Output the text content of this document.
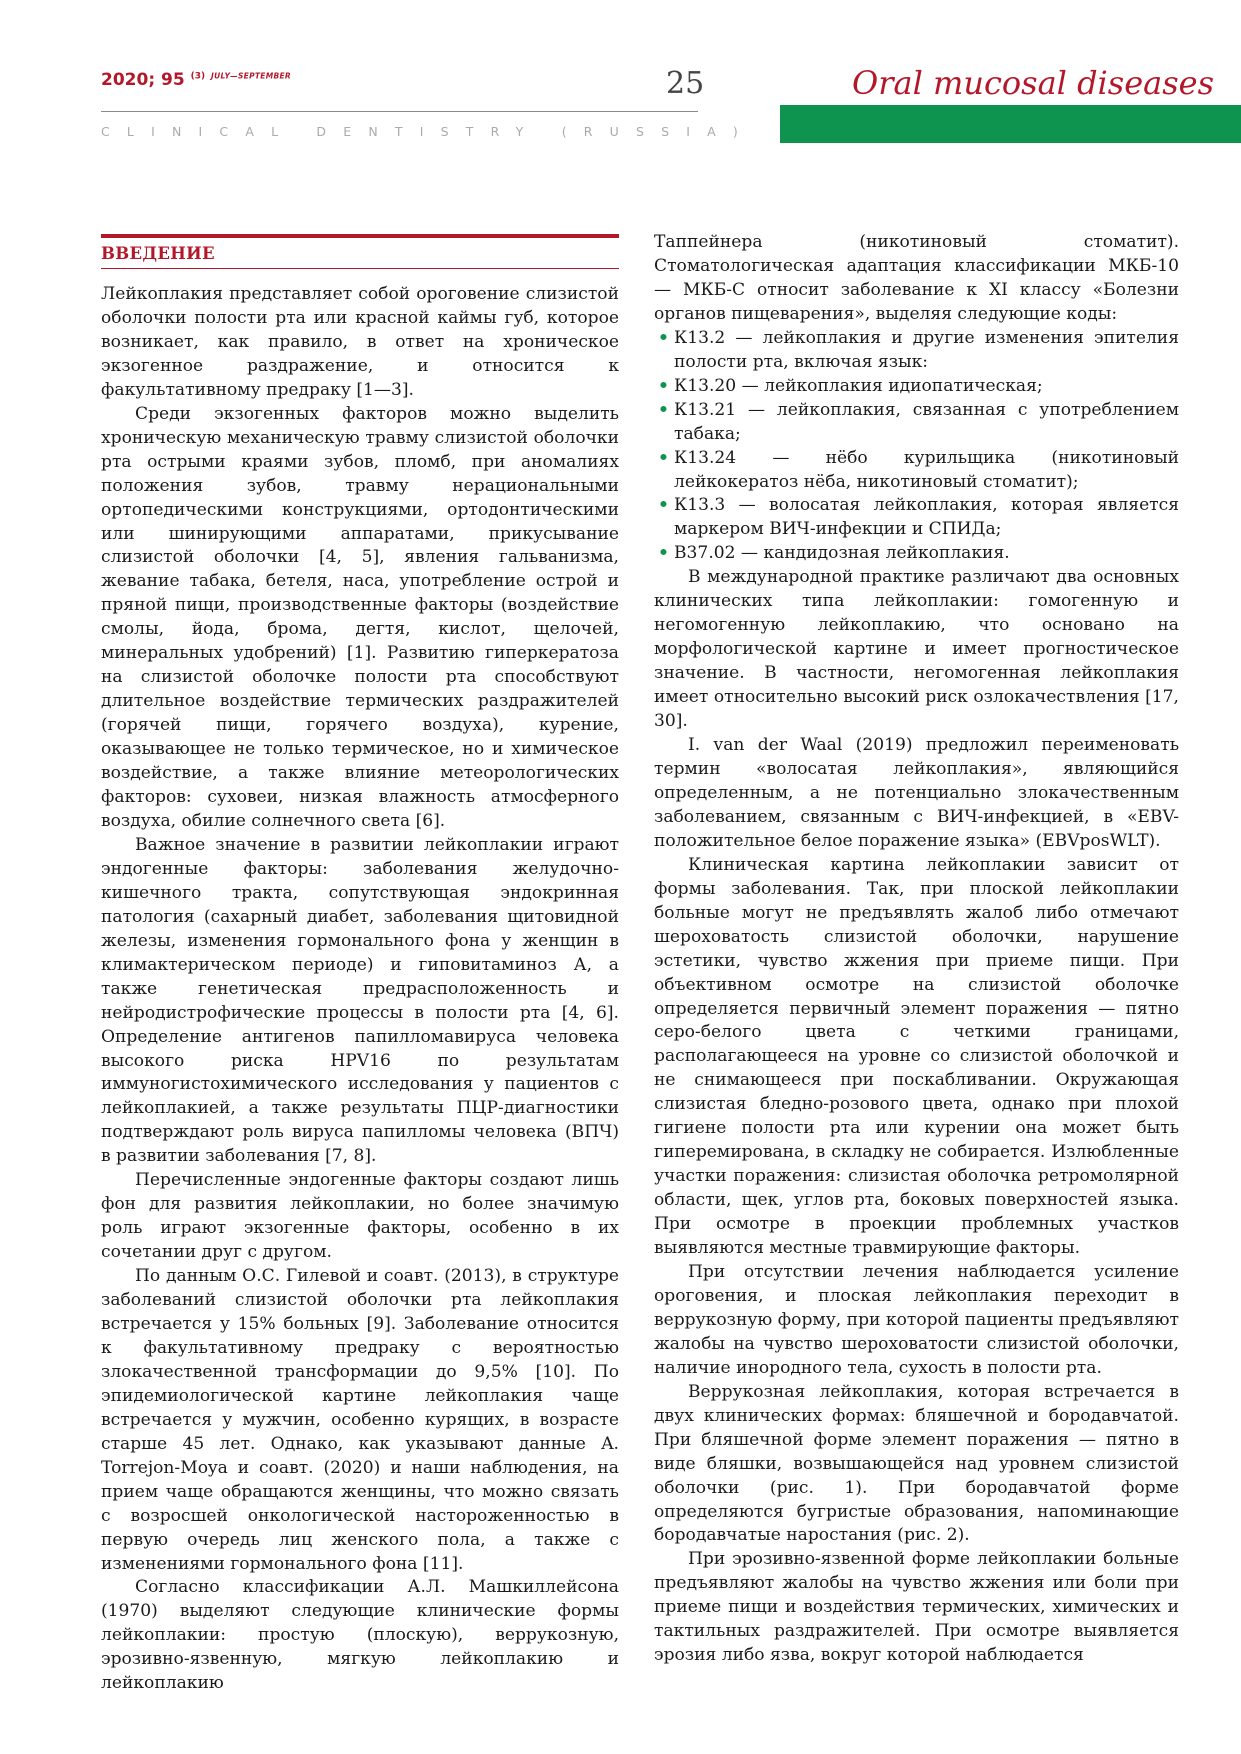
2020; 95 $^{(3)}$ $^{JULY—SEPTEMBER}$	25
CLINICAL DENTISTRY (RUSSIA)
Oral mucosal diseases
ВВЕДЕНИЕ

Лейкоплакия представляет собой ороговение слизистой оболочки полости рта или красной каймы губ, которое возникает, как правило, в ответ на хроническое экзогенное раздражение, и относится к факультативному предраку [1—3].

Среди экзогенных факторов можно выделить хроническую механическую травму слизистой оболочки рта острыми краями зубов, пломб, при аномалиях положения зубов, травму нерациональными ортопедическими конструкциями, ортодонтическими или шинирующими аппаратами, прикусывание слизистой оболочки [4, 5], явления гальванизма, жевание табака, бетеля, наса, употребление острой и пряной пищи, производственные факторы (воздействие смолы, йода, брома, дегтя, кислот, щелочей, минеральных удобрений) [1]. Развитию гиперкератоза на слизистой оболочке полости рта способствуют длительное воздействие термических раздражителей (горячей пищи, горячего воздуха), курение, оказывающее не только термическое, но и химическое воздействие, а также влияние метеорологических факторов: суховеи, низкая влажность атмосферного воздуха, обилие солнечного света [6].

Важное значение в развитии лейкоплакии играют эндогенные факторы: заболевания желудочно-кишечного тракта, сопутствующая эндокринная патология (сахарный диабет, заболевания щитовидной железы, изменения гормонального фона у женщин в климактерическом периоде) и гиповитаминоз А, а также генетическая предрасположенность и нейродистрофические процессы в полости рта [4, 6]. Определение антигенов папилломавируса человека высокого риска HPV16 по результатам иммуногистохимического исследования у пациентов с лейкоплакией, а также результаты ПЦР-диагностики подтверждают роль вируса папилломы человека (ВПЧ) в развитии заболевания [7, 8].

Перечисленные эндогенные факторы создают лишь фон для развития лейкоплакии, но более значимую роль играют экзогенные факторы, особенно в их сочетании друг с другом.

По данным О.С. Гилевой и соавт. (2013), в структуре заболеваний слизистой оболочки рта лейкоплакия встречается у 15% больных [9]. Заболевание относится к факультативному предраку с вероятностью злокачественной трансформации до 9,5% [10]. По эпидемиологической картине лейкоплакия чаще встречается у мужчин, особенно курящих, в возрасте старше 45 лет. Однако, как указывают данные A. Torrejon-Moya и соавт. (2020) и наши наблюдения, на прием чаще обращаются женщины, что можно связать с возросшей онкологической настороженностью в первую очередь лиц женского пола, а также с изменениями гормонального фона [11].

Согласно классификации А.Л. Машкиллейсона (1970) выделяют следующие клинические формы лейкоплакии: простую (плоскую), веррукозную, эрозивно-язвенную, мягкую лейкоплакию и лейкоплакию

Таппейнера (никотиновый стоматит). Стоматологическая адаптация классификации МКБ-10 — МКБ-С относит заболевание к XI классу «Болезни органов пищеварения», выделяя следующие коды:

• К13.2 — лейкоплакия и другие изменения эпителия полости рта, включая язык:
• К13.20 — лейкоплакия идиопатическая;
• К13.21 — лейкоплакия, связанная с употреблением табака;
• К13.24 — нёбо курильщика (никотиновый лейкокератоз нёба, никотиновый стоматит);
• К13.3 — волосатая лейкоплакия, которая является маркером ВИЧ-инфекции и СПИДа;
• В37.02 — кандидозная лейкоплакия.

В международной практике различают два основных клинических типа лейкоплакии: гомогенную и негомогенную лейкоплакию, что основано на морфологической картине и имеет прогностическое значение. В частности, негомогенная лейкоплакия имеет относительно высокий риск озлокачествления [17, 30].

I. van der Waal (2019) предложил переименовать термин «волосатая лейкоплакия», являющийся определенным, а не потенциально злокачественным заболеванием, связанным с ВИЧ-инфекцией, в «EBV-положительное белое поражение языка» (EBVposWLT).

Клиническая картина лейкоплакии зависит от формы заболевания. Так, при плоской лейкоплакии больные могут не предъявлять жалоб либо отмечают шероховатость слизистой оболочки, нарушение эстетики, чувство жжения при приеме пищи. При объективном осмотре на слизистой оболочке определяется первичный элемент поражения — пятно серо-белого цвета с четкими границами, располагающееся на уровне со слизистой оболочкой и не снимающееся при поскабливании. Окружающая слизистая бледно-розового цвета, однако при плохой гигиене полости рта или курении она может быть гиперемирована, в складку не собирается. Излюбленные участки поражения: слизистая оболочка ретромолярной области, щек, углов рта, боковых поверхностей языка. При осмотре в проекции проблемных участков выявляются местные травмирующие факторы.

При отсутствии лечения наблюдается усиление ороговения, и плоская лейкоплакия переходит в веррукозную форму, при которой пациенты предъявляют жалобы на чувство шероховатости слизистой оболочки, наличие инородного тела, сухость в полости рта.

Веррукозная лейкоплакия, которая встречается в двух клинических формах: бляшечной и бородавчатой. При бляшечной форме элемент поражения — пятно в виде бляшки, возвышающейся над уровнем слизистой оболочки (рис. 1). При бородавчатой форме определяются бугристые образования, напоминающие бородавчатые наростания (рис. 2).

При эрозивно-язвенной форме лейкоплакии больные предъявляют жалобы на чувство жжения или боли при приеме пищи и воздействия термических, химических и тактильных раздражителей. При осмотре выявляется эрозия либо язва, вокруг которой наблюдается
